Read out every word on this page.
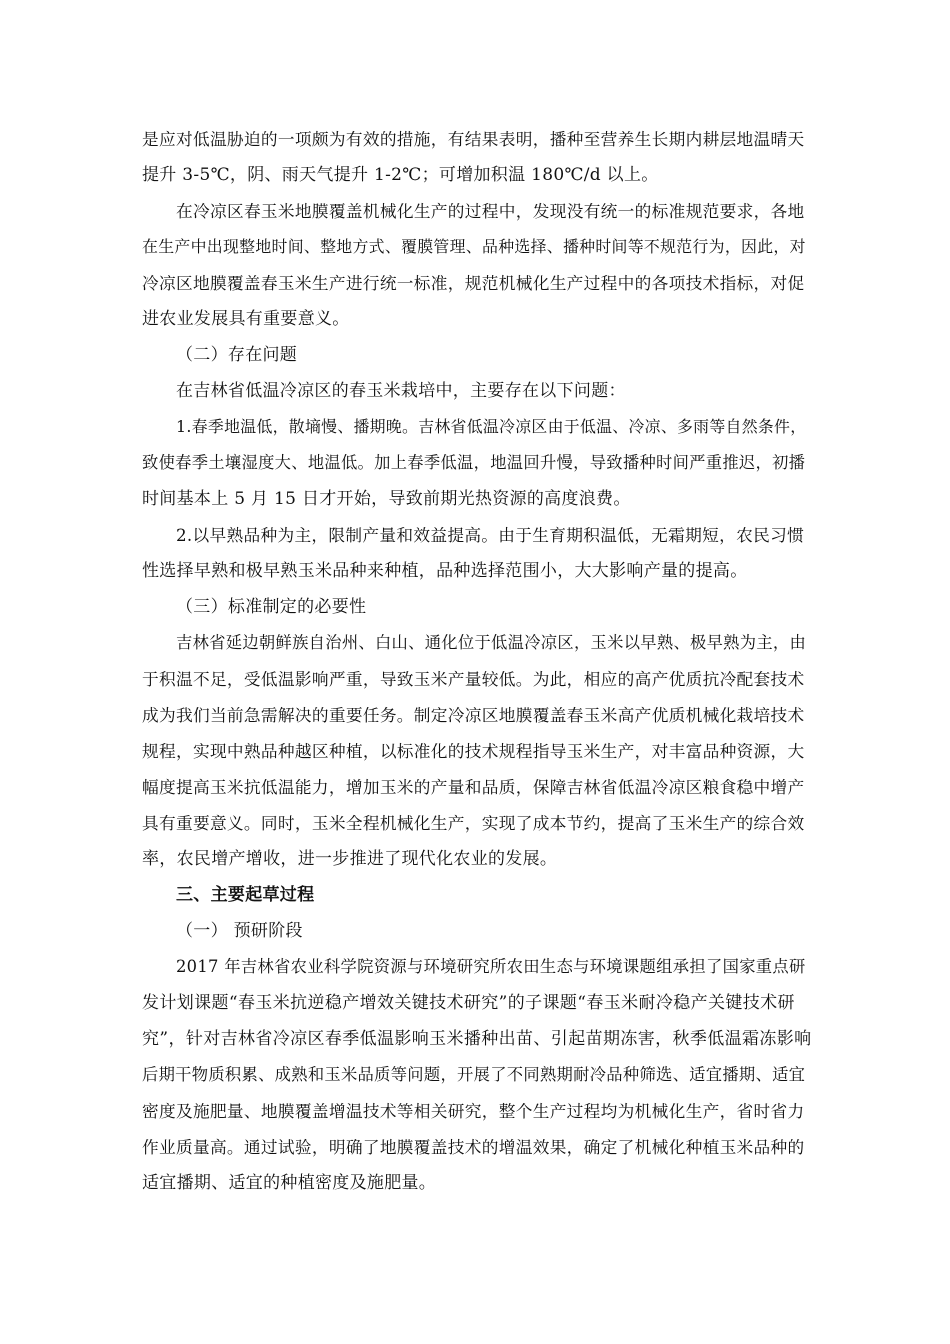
是应对低温胁迫的一项颇为有效的措施，有结果表明，播种至营养生长期内耕层地温晴天
提升 3-5℃，阴、雨天气提升 1-2℃；可增加积温 180℃/d 以上。
在冷凉区春玉米地膜覆盖机械化生产的过程中，发现没有统一的标准规范要求，各地
在生产中出现整地时间、整地方式、覆膜管理、品种选择、播种时间等不规范行为，因此，对
冷凉区地膜覆盖春玉米生产进行统一标准，规范机械化生产过程中的各项技术指标，对促
进农业发展具有重要意义。
（二）存在问题
在吉林省低温冷凉区的春玉米栽培中，主要存在以下问题：
1.春季地温低，散墒慢、播期晚。吉林省低温冷凉区由于低温、冷凉、多雨等自然条件，
致使春季土壤湿度大、地温低。加上春季低温，地温回升慢，导致播种时间严重推迟，初播
时间基本上 5 月 15 日才开始，导致前期光热资源的高度浪费。
2.以早熟品种为主，限制产量和效益提高。由于生育期积温低，无霜期短，农民习惯
性选择早熟和极早熟玉米品种来种植，品种选择范围小，大大影响产量的提高。
（三）标准制定的必要性
吉林省延边朝鲜族自治州、白山、通化位于低温冷凉区，玉米以早熟、极早熟为主，由
于积温不足，受低温影响严重，导致玉米产量较低。为此，相应的高产优质抗冷配套技术
成为我们当前急需解决的重要任务。制定冷凉区地膜覆盖春玉米高产优质机械化栽培技术
规程，实现中熟品种越区种植，以标准化的技术规程指导玉米生产，对丰富品种资源，大
幅度提高玉米抗低温能力，增加玉米的产量和品质，保障吉林省低温冷凉区粮食稳中增产
具有重要意义。同时，玉米全程机械化生产，实现了成本节约，提高了玉米生产的综合效
率，农民增产增收，进一步推进了现代化农业的发展。
三、主要起草过程
（一） 预研阶段
2017 年吉林省农业科学院资源与环境研究所农田生态与环境课题组承担了国家重点研
发计划课题“春玉米抗逆稳产增效关键技术研究”的子课题“春玉米耐冷稳产关键技术研
究”，针对吉林省冷凉区春季低温影响玉米播种出苗、引起苗期冻害，秋季低温霜冻影响
后期干物质积累、成熟和玉米品质等问题，开展了不同熟期耐冷品种筛选、适宜播期、适宜
密度及施肥量、地膜覆盖增温技术等相关研究，整个生产过程均为机械化生产，省时省力
作业质量高。通过试验，明确了地膜覆盖技术的增温效果，确定了机械化种植玉米品种的
适宜播期、适宜的种植密度及施肥量。
